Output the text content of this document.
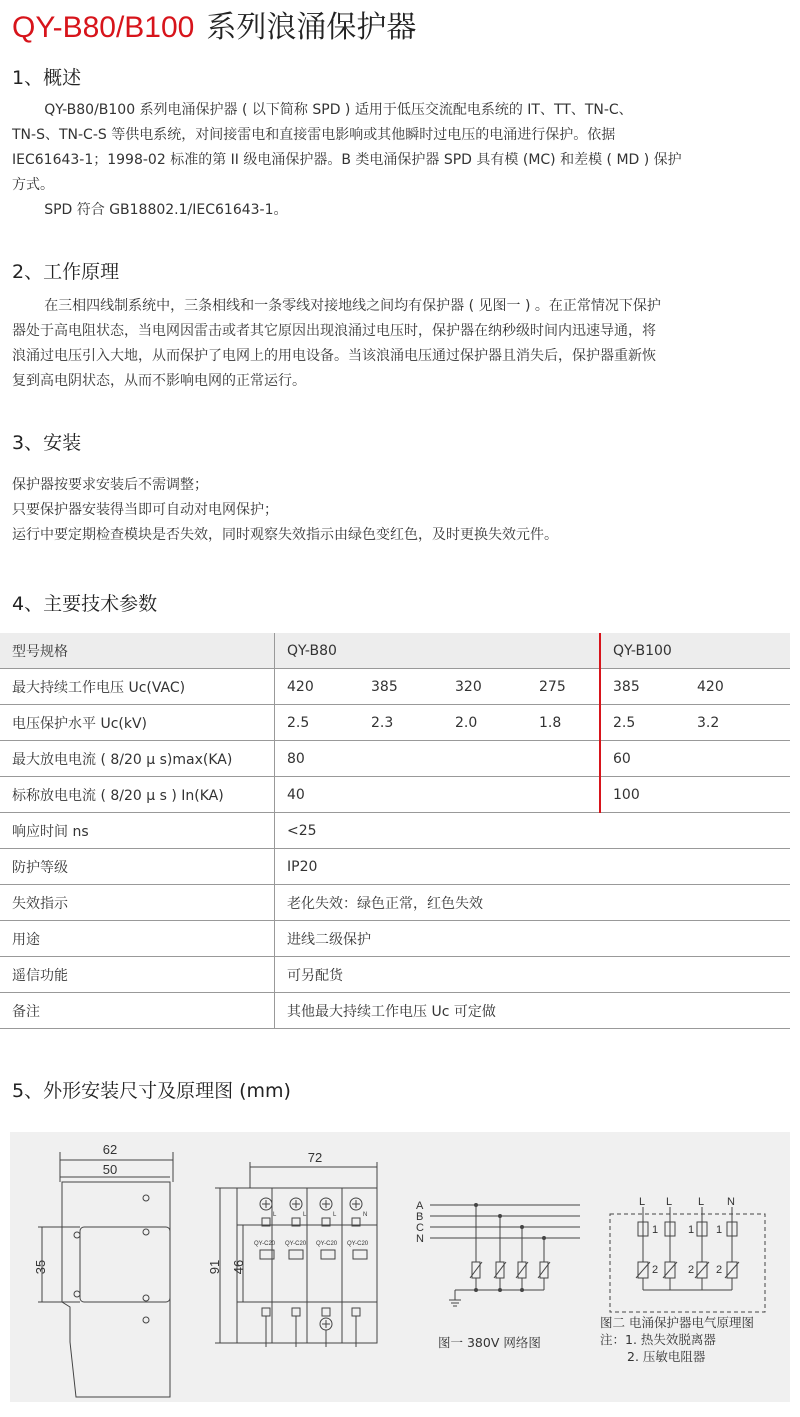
QY-B80/B100 系列浪涌保护器
1、概述
QY-B80/B100 系列电涌保护器 ( 以下简称 SPD ) 适用于低压交流配电系统的 IT、TT、TN-C、
TN-S、TN-C-S 等供电系统，对间接雷电和直接雷电影响或其他瞬时过电压的电涌进行保护。依据
IEC61643-1；1998-02 标准的第 II 级电涌保护器。B 类电涌保护器 SPD 具有模 (MC) 和差模 ( MD ) 保护
方式。
SPD 符合 GB18802.1/IEC61643-1。
2、工作原理
在三相四线制系统中，三条相线和一条零线对接地线之间均有保护器 ( 见图一 ) 。在正常情况下保护
器处于高电阻状态，当电网因雷击或者其它原因出现浪涌过电压时，保护器在纳秒级时间内迅速导通，将
浪涌过电压引入大地，从而保护了电网上的用电设备。当该浪涌电压通过保护器且消失后，保护器重新恢
复到高电阴状态，从而不影响电网的正常运行。
3、安装
保护器按要求安装后不需调整；
只要保护器安装得当即可自动对电网保护；
运行中要定期检查模块是否失效，同时观察失效指示由绿色变红色，及时更换失效元件。
4、主要技术参数
型号规格	QY-B80				QY-B100	
最大持续工作电压 Uc(VAC)	420	385	320	275	385	420
电压保护水平 Uc(kV)	2.5	2.3	2.0	1.8	2.5	3.2
最大放电电流 ( 8/20 μ s)max(KA)	80				60	
标称放电电流 ( 8/20 μ s ) In(KA)	40				100	
响应时间 ns	<25					
防护等级	IP20					
失效指示	老化失效：绿色正常，红色失效					
用途	进线二级保护					
遥信功能	可另配货					
备注	其他最大持续工作电压 Uc 可定做					
5、外形安装尺寸及原理图 (mm)
62
50
35
72
91 46
QY-C20 QY-C20 QY-C20 QY-C20
L	L	L	N
A
B
C
N
L L L N
1	1 1
2	2 2
图一 380V 网络图
图二 电涌保护器电气原理图
注：1. 热失效脱离器
2. 压敏电阻器
